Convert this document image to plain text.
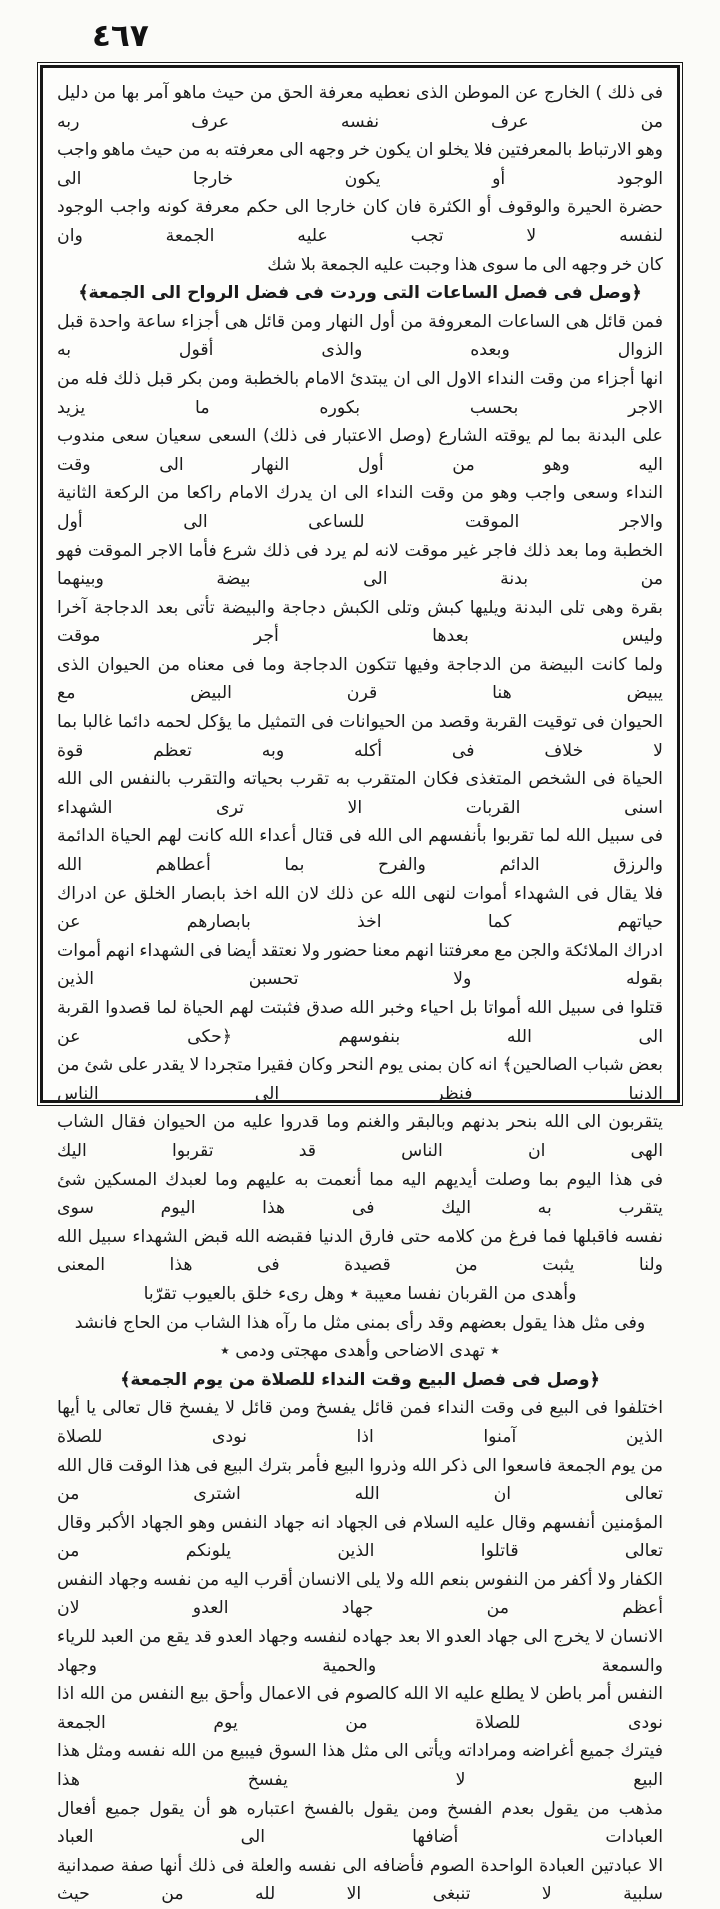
٤٦٧
فى ذلك ) الخارج عن الموطن الذى نعطيه معرفة الحق من حيث ماهو آمر بها من دليل من عرف نفسه عرف ربه
وهو الارتباط بالمعرفتين فلا يخلو ان يكون خر وجهه الى معرفته به من حيث ماهو واجب الوجود أو يكون خارجا الى
حضرة الحيرة والوقوف أو الكثرة فان كان خارجا الى حكم معرفة كونه واجب الوجود لنفسه لا تجب عليه الجمعة وان
كان خر وجهه الى ما سوى هذا وجبت عليه الجمعة بلا شك
﴿وصل فى فصل الساعات التى وردت فى فضل الرواح الى الجمعة﴾
فمن قائل هى الساعات المعروفة من أول النهار ومن قائل هى أجزاء ساعة واحدة قبل الزوال وبعده والذى أقول به
انها أجزاء من وقت النداء الاول الى ان يبتدئ الامام بالخطبة ومن بكر قبل ذلك فله من الاجر بحسب بكوره ما يزيد
على البدنة بما لم يوقته الشارع (وصل الاعتبار فى ذلك) السعى سعيان سعى مندوب اليه وهو من أول النهار الى وقت
النداء وسعى واجب وهو من وقت النداء الى ان يدرك الامام راكعا من الركعة الثانية والاجر الموقت للساعى الى أول
الخطبة وما بعد ذلك فاجر غير موقت لانه لم يرد فى ذلك شرع فأما الاجر الموقت فهو من بدنة الى بيضة وبينهما
بقرة وهى تلى البدنة ويليها كبش وتلى الكبش دجاجة والبيضة تأتى بعد الدجاجة آخرا وليس بعدها أجر موقت
ولما كانت البيضة من الدجاجة وفيها تتكون الدجاجة وما فى معناه من الحيوان الذى يبيض هنا قرن البيض مع
الحيوان فى توقيت القربة وقصد من الحيوانات فى التمثيل ما يؤكل لحمه دائما غالبا بما لا خلاف فى أكله وبه تعظم قوة
الحياة فى الشخص المتغذى فكان المتقرب به تقرب بحياته والتقرب بالنفس الى الله اسنى القربات الا ترى الشهداء
فى سبيل الله لما تقربوا بأنفسهم الى الله فى قتال أعداء الله كانت لهم الحياة الدائمة والرزق الدائم والفرح بما أعطاهم الله
فلا يقال فى الشهداء أموات لنهى الله عن ذلك لان الله اخذ بابصار الخلق عن ادراك حياتهم كما اخذ بابصارهم عن
ادراك الملائكة والجن مع معرفتنا انهم معنا حضور ولا نعتقد أيضا فى الشهداء انهم أموات بقوله ولا تحسبن الذين
قتلوا فى سبيل الله أمواتا بل احياء وخبر الله صدق فثبتت لهم الحياة لما قصدوا القربة الى الله بنفوسهم ﴿حكى عن
بعض شباب الصالحين﴾ انه كان بمنى يوم النحر وكان فقيرا متجردا لا يقدر على شئ من الدنيا فنظر الى الناس
يتقربون الى الله بنحر بدنهم وبالبقر والغنم وما قدروا عليه من الحيوان فقال الشاب الهى ان الناس قد تقربوا اليك
فى هذا اليوم بما وصلت أيديهم اليه مما أنعمت به عليهم وما لعبدك المسكين شئ يتقرب به اليك فى هذا اليوم سوى
نفسه فاقبلها فما فرغ من كلامه حتى فارق الدنيا فقبضه الله قبض الشهداء سبيل الله ولنا يثبت من قصيدة فى هذا المعنى
وأهدى من القربان نفسا معيبة ٭ وهل رىء خلق بالعيوب تقرّبا
وفى مثل هذا يقول بعضهم وقد رأى بمنى مثل ما رآه هذا الشاب من الحاج فانشد
٭ تهدى الاضاحى وأهدى مهجتى ودمى ٭
﴿وصل فى فصل البيع وقت النداء للصلاة من يوم الجمعة﴾
اختلفوا فى البيع فى وقت النداء فمن قائل يفسخ ومن قائل لا يفسخ قال تعالى يا أيها الذين آمنوا اذا نودى للصلاة
من يوم الجمعة فاسعوا الى ذكر الله وذروا البيع فأمر بترك البيع فى هذا الوقت قال الله تعالى ان الله اشترى من
المؤمنين أنفسهم وقال عليه السلام فى الجهاد انه جهاد النفس وهو الجهاد الأكبر وقال تعالى قاتلوا الذين يلونكم من
الكفار ولا أكفر من النفوس بنعم الله ولا يلى الانسان أقرب اليه من نفسه وجهاد النفس أعظم من جهاد العدو لان
الانسان لا يخرج الى جهاد العدو الا بعد جهاده لنفسه وجهاد العدو قد يقع من العبد للرياء والسمعة والحمية وجهاد
النفس أمر باطن لا يطلع عليه الا الله كالصوم فى الاعمال وأحق بيع النفس من الله اذا نودى للصلاة من يوم الجمعة
فيترك جميع أغراضه ومراداته ويأتى الى مثل هذا السوق فيبيع من الله نفسه ومثل هذا البيع لا يفسخ هذا
مذهب من يقول بعدم الفسخ ومن يقول بالفسخ اعتباره هو أن يقول جميع أفعال العبادات أضافها الى العباد
الا عبادتين العبادة الواحدة الصوم فأضافه الى نفسه والعلة فى ذلك أنها صفة صمدانية سلبية لا تنبغى الا لله من حيث
